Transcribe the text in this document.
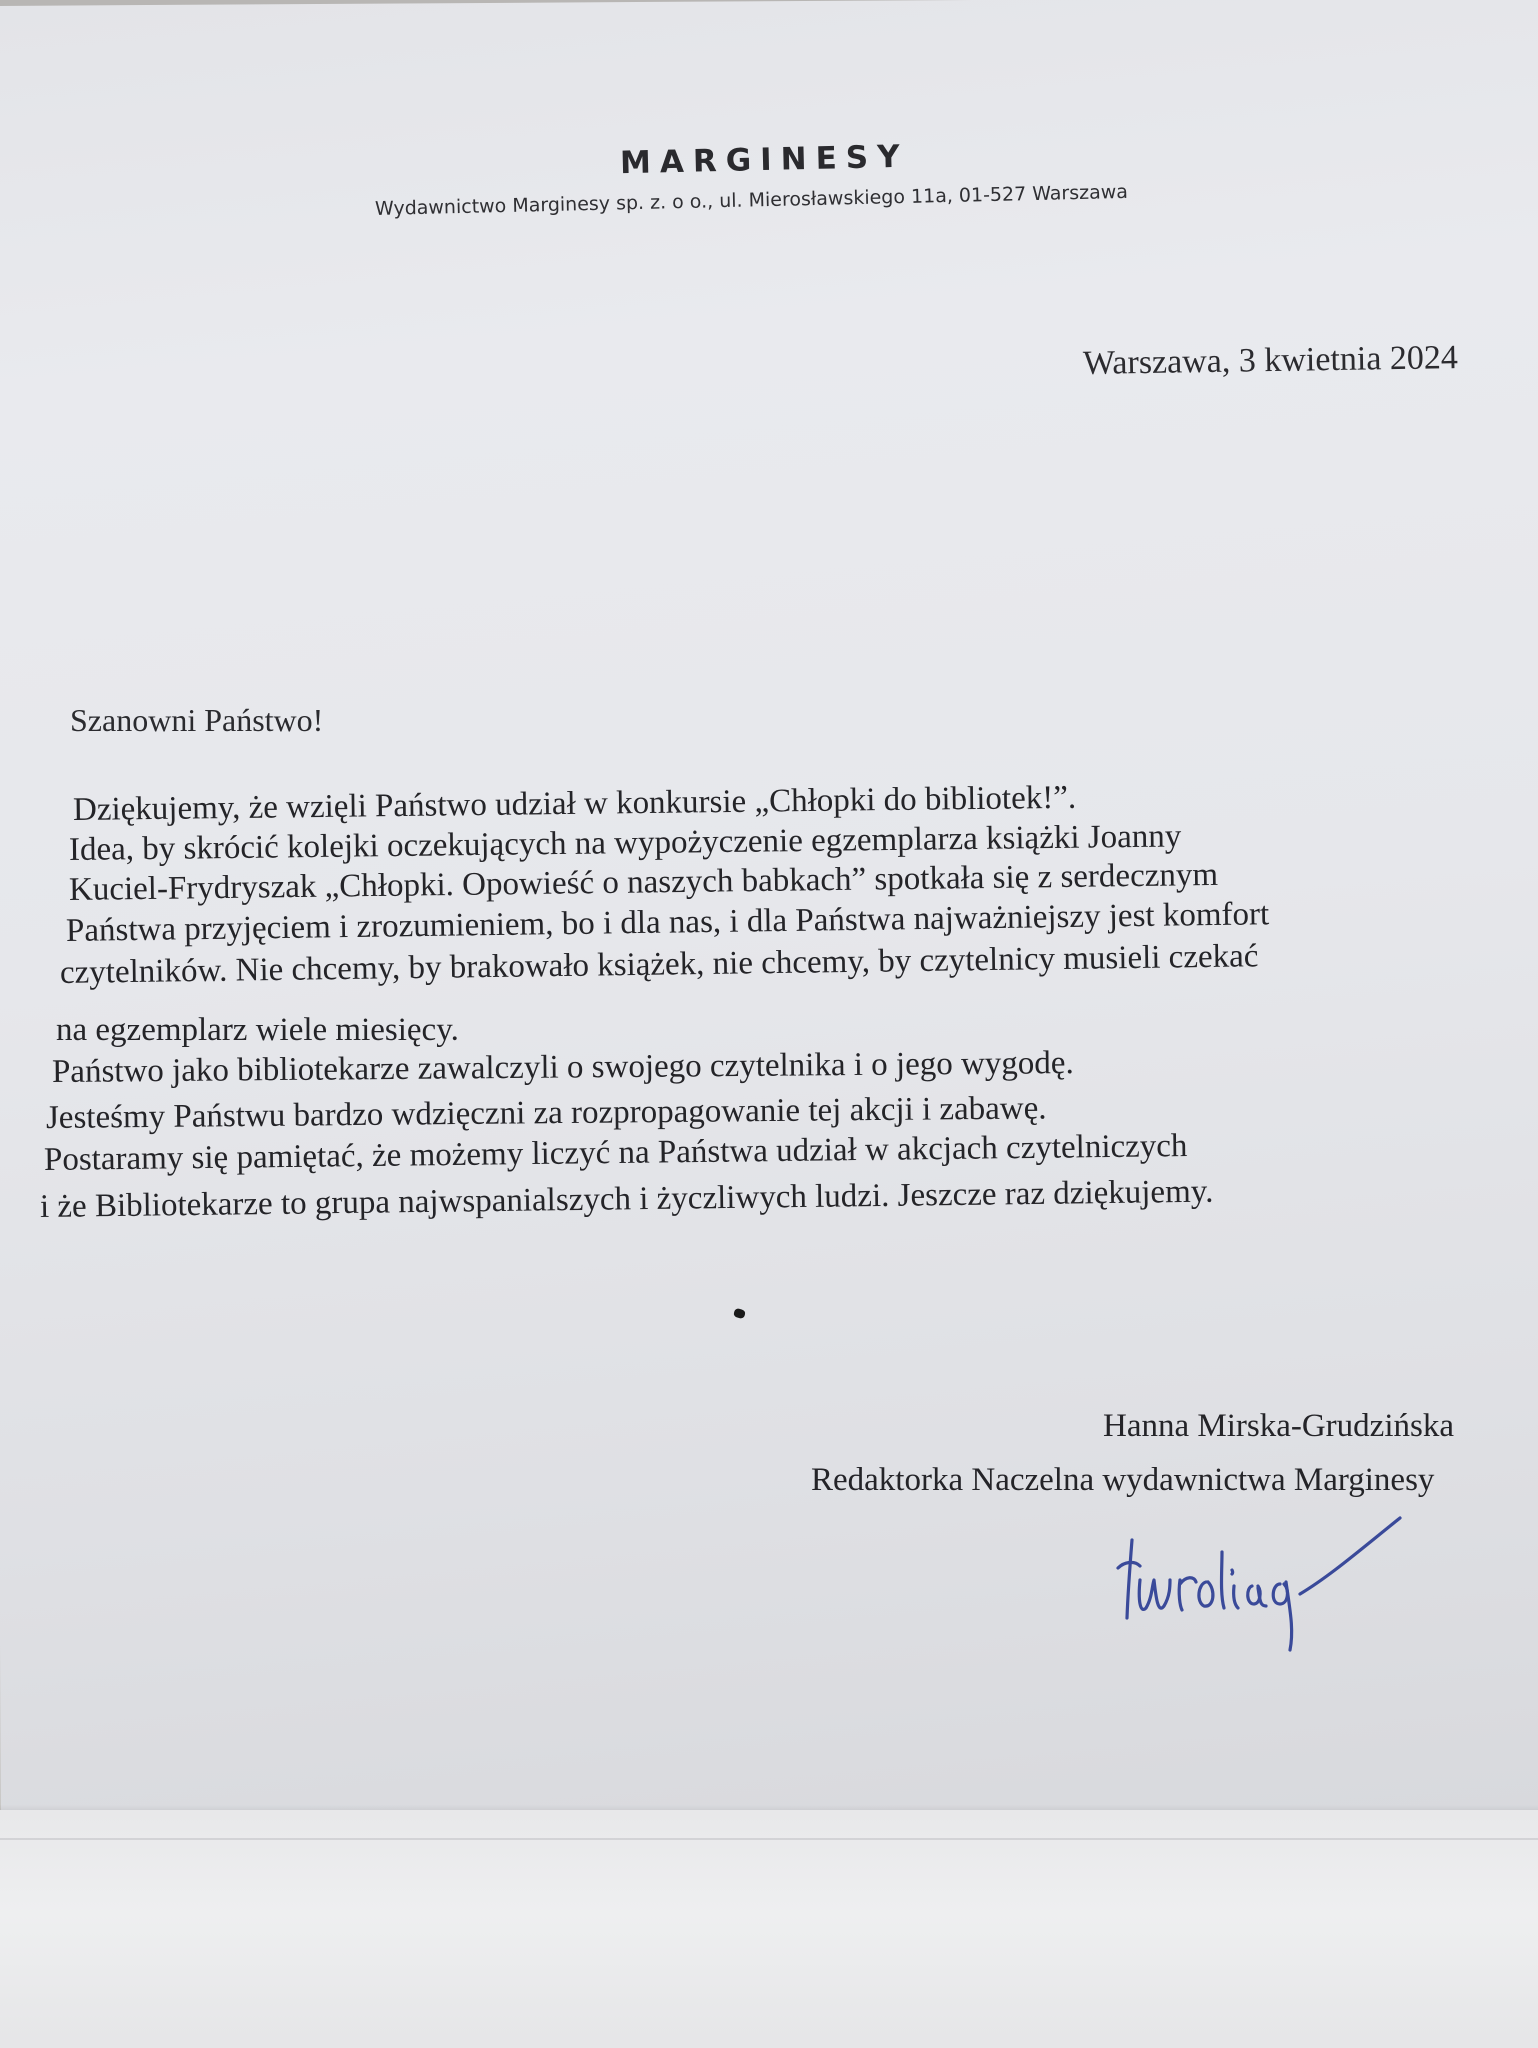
MARGINESY
Wydawnictwo Marginesy sp. z. o o., ul. Mierosławskiego 11a, 01-527 Warszawa
Warszawa, 3 kwietnia 2024
Szanowni Państwo!
Dziękujemy, że wzięli Państwo udział w konkursie „Chłopki do bibliotek!”.
Idea, by skrócić kolejki oczekujących na wypożyczenie egzemplarza książki Joanny
Kuciel-Frydryszak „Chłopki. Opowieść o naszych babkach” spotkała się z serdecznym
Państwa przyjęciem i zrozumieniem, bo i dla nas, i dla Państwa najważniejszy jest komfort
czytelników. Nie chcemy, by brakowało książek, nie chcemy, by czytelnicy musieli czekać
na egzemplarz wiele miesięcy.
Państwo jako bibliotekarze zawalczyli o swojego czytelnika i o jego wygodę.
Jesteśmy Państwu bardzo wdzięczni za rozpropagowanie tej akcji i zabawę.
Postaramy się pamiętać, że możemy liczyć na Państwa udział w akcjach czytelniczych
i że Bibliotekarze to grupa najwspanialszych i życzliwych ludzi. Jeszcze raz dziękujemy.
Hanna Mirska-Grudzińska
Redaktorka Naczelna wydawnictwa Marginesy
